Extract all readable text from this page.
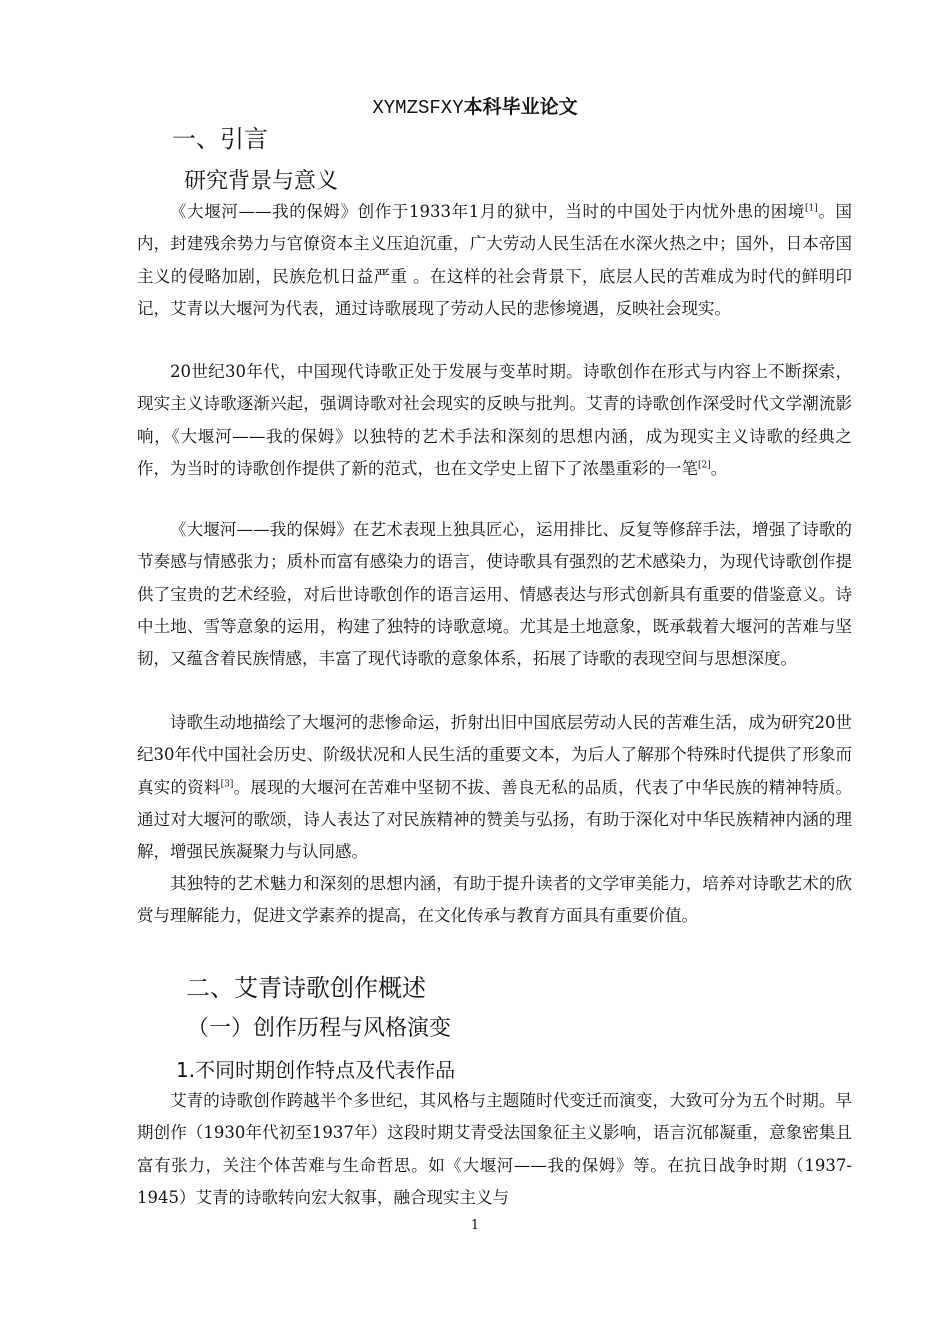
XYMZSFXY本科毕业论文
一、引言
研究背景与意义

《大堰河——我的保姆》创作于1933年1月的狱中，当时的中国处于内忧外患的困境[1]。国内，封建残余势力与官僚资本主义压迫沉重，广大劳动人民生活在水深火热之中；国外，日本帝国主义的侵略加剧，民族危机日益严重 。在这样的社会背景下，底层人民的苦难成为时代的鲜明印记，艾青以大堰河为代表，通过诗歌展现了劳动人民的悲惨境遇，反映社会现实。

20世纪30年代，中国现代诗歌正处于发展与变革时期。诗歌创作在形式与内容上不断探索，现实主义诗歌逐渐兴起，强调诗歌对社会现实的反映与批判。艾青的诗歌创作深受时代文学潮流影响，《大堰河——我的保姆》以独特的艺术手法和深刻的思想内涵，成为现实主义诗歌的经典之作，为当时的诗歌创作提供了新的范式，也在文学史上留下了浓墨重彩的一笔[2]。

《大堰河——我的保姆》在艺术表现上独具匠心，运用排比、反复等修辞手法，增强了诗歌的节奏感与情感张力；质朴而富有感染力的语言，使诗歌具有强烈的艺术感染力，为现代诗歌创作提供了宝贵的艺术经验，对后世诗歌创作的语言运用、情感表达与形式创新具有重要的借鉴意义。诗中土地、雪等意象的运用，构建了独特的诗歌意境。尤其是土地意象，既承载着大堰河的苦难与坚韧，又蕴含着民族情感，丰富了现代诗歌的意象体系，拓展了诗歌的表现空间与思想深度。

诗歌生动地描绘了大堰河的悲惨命运，折射出旧中国底层劳动人民的苦难生活，成为研究20世纪30年代中国社会历史、阶级状况和人民生活的重要文本，为后人了解那个特殊时代提供了形象而真实的资料[3]。展现的大堰河在苦难中坚韧不拔、善良无私的品质，代表了中华民族的精神特质。通过对大堰河的歌颂，诗人表达了对民族精神的赞美与弘扬，有助于深化对中华民族精神内涵的理解，增强民族凝聚力与认同感。

其独特的艺术魅力和深刻的思想内涵，有助于提升读者的文学审美能力，培养对诗歌艺术的欣赏与理解能力，促进文学素养的提高，在文化传承与教育方面具有重要价值。

二、艾青诗歌创作概述
（一）创作历程与风格演变
1.不同时期创作特点及代表作品

艾青的诗歌创作跨越半个多世纪，其风格与主题随时代变迁而演变，大致可分为五个时期。早期创作（1930年代初至1937年）这段时期艾青受法国象征主义影响，语言沉郁凝重，意象密集且富有张力，关注个体苦难与生命哲思。如《大堰河——我的保姆》等。在抗日战争时期（1937-1945）艾青的诗歌转向宏大叙事，融合现实主义与

1
